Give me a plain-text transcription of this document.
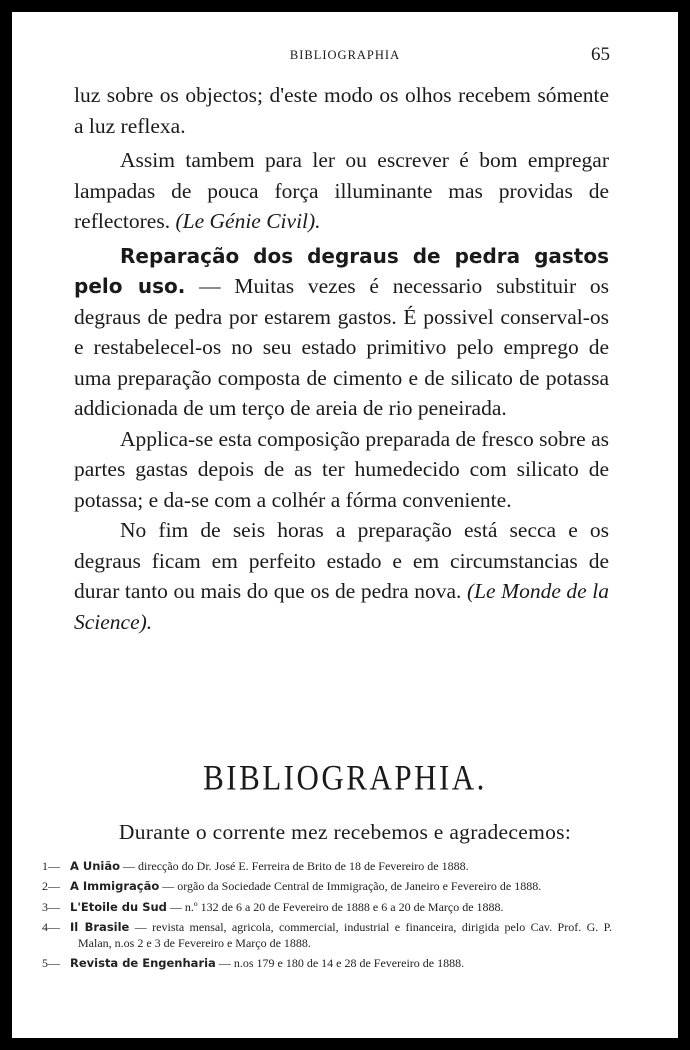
BIBLIOGRAPHIA	65

luz sobre os objectos; d'este modo os olhos recebem sómente a luz reflexa.

Assim tambem para ler ou escrever é bom empregar lampadas de pouca força illuminante mas providas de reflectores. (Le Génie Civil).

Reparação dos degraus de pedra gastos pelo uso. — Muitas vezes é necessario substituir os degraus de pedra por estarem gastos. É possivel conserval-os e restabelecel-os no seu estado primitivo pelo emprego de uma preparação composta de cimento e de silicato de potassa addicionada de um terço de areia de rio peneirada.

Applica-se esta composição preparada de fresco sobre as partes gastas depois de as ter humedecido com silicato de potassa; e da-se com a colhér a fórma conveniente.

No fim de seis horas a preparação está secca e os degraus ficam em perfeito estado e em circumstancias de durar tanto ou mais do que os de pedra nova. (Le Monde de la Science).

BIBLIOGRAPHIA.
Durante o corrente mez recebemos e agradecemos:
1— A União — direcção do Dr. José E. Ferreira de Brito de 18 de Fevereiro de 1888.
2— A Immigração — orgão da Sociedade Central de Immigração, de Janeiro e Fevereiro de 1888.
3— L'Etoile du Sud — n.º 132 de 6 a 20 de Fevereiro de 1888 e 6 a 20 de Março de 1888.
4— Il Brasile — revista mensal, agricola, commercial, industrial e financeira, dirigida pelo Cav. Prof. G. P. Malan, n.os 2 e 3 de Fevereiro e Março de 1888.
5— Revista de Engenharia — n.os 179 e 180 de 14 e 28 de Fevereiro de 1888.
